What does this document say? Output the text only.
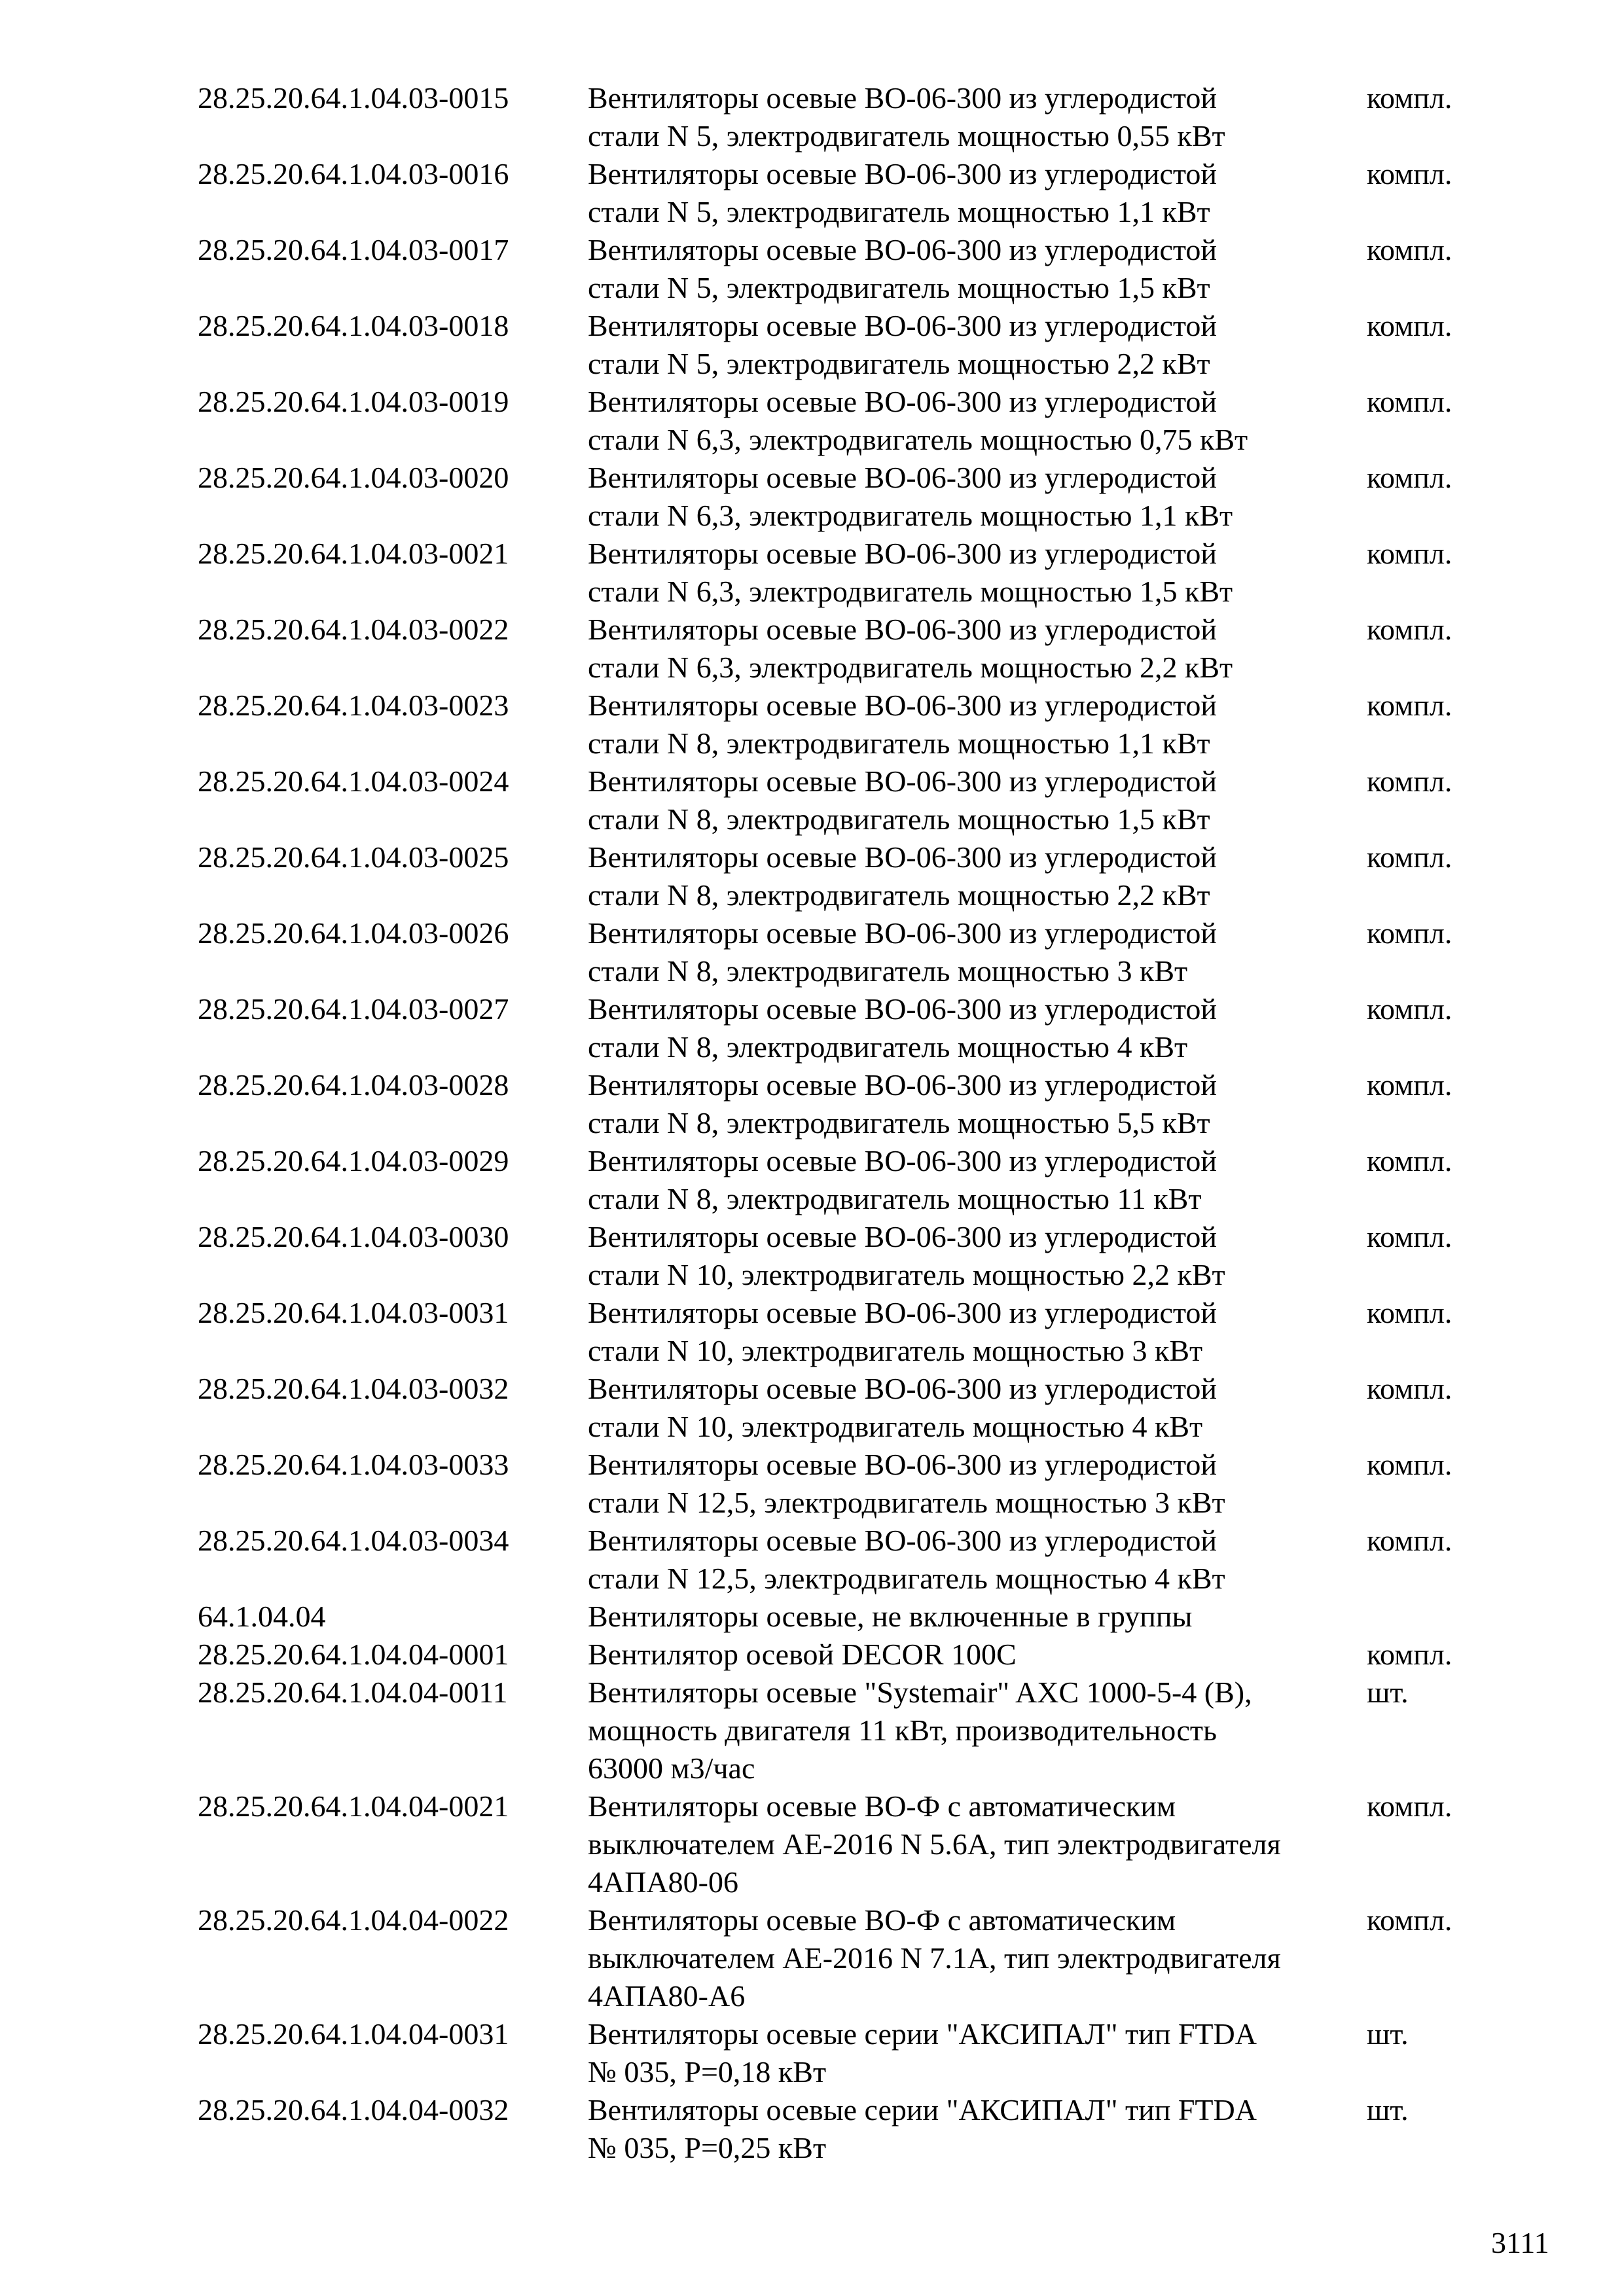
28.25.20.64.1.04.03-0015	Вентиляторы осевые ВО-06-300 из углеродистой
стали N 5, электродвигатель мощностью 0,55 кВт
компл.
28.25.20.64.1.04.03-0016	Вентиляторы осевые ВО-06-300 из углеродистой
стали N 5, электродвигатель мощностью 1,1 кВт
компл.
28.25.20.64.1.04.03-0017	Вентиляторы осевые ВО-06-300 из углеродистой
стали N 5, электродвигатель мощностью 1,5 кВт
компл.
28.25.20.64.1.04.03-0018	Вентиляторы осевые ВО-06-300 из углеродистой
стали N 5, электродвигатель мощностью 2,2 кВт
компл.
28.25.20.64.1.04.03-0019	Вентиляторы осевые ВО-06-300 из углеродистой
стали N 6,3, электродвигатель мощностью 0,75 кВт
компл.
28.25.20.64.1.04.03-0020	Вентиляторы осевые ВО-06-300 из углеродистой
стали N 6,3, электродвигатель мощностью 1,1 кВт
компл.
28.25.20.64.1.04.03-0021	Вентиляторы осевые ВО-06-300 из углеродистой
стали N 6,3, электродвигатель мощностью 1,5 кВт
компл.
28.25.20.64.1.04.03-0022	Вентиляторы осевые ВО-06-300 из углеродистой
стали N 6,3, электродвигатель мощностью 2,2 кВт
компл.
28.25.20.64.1.04.03-0023	Вентиляторы осевые ВО-06-300 из углеродистой
стали N 8, электродвигатель мощностью 1,1 кВт
компл.
28.25.20.64.1.04.03-0024	Вентиляторы осевые ВО-06-300 из углеродистой
стали N 8, электродвигатель мощностью 1,5 кВт
компл.
28.25.20.64.1.04.03-0025	Вентиляторы осевые ВО-06-300 из углеродистой
стали N 8, электродвигатель мощностью 2,2 кВт
компл.
28.25.20.64.1.04.03-0026	Вентиляторы осевые ВО-06-300 из углеродистой
стали N 8, электродвигатель мощностью 3 кВт
компл.
28.25.20.64.1.04.03-0027	Вентиляторы осевые ВО-06-300 из углеродистой
стали N 8, электродвигатель мощностью 4 кВт
компл.
28.25.20.64.1.04.03-0028	Вентиляторы осевые ВО-06-300 из углеродистой
стали N 8, электродвигатель мощностью 5,5 кВт
компл.
28.25.20.64.1.04.03-0029	Вентиляторы осевые ВО-06-300 из углеродистой
стали N 8, электродвигатель мощностью 11 кВт
компл.
28.25.20.64.1.04.03-0030	Вентиляторы осевые ВО-06-300 из углеродистой
стали N 10, электродвигатель мощностью 2,2 кВт
компл.
28.25.20.64.1.04.03-0031	Вентиляторы осевые ВО-06-300 из углеродистой
стали N 10, электродвигатель мощностью 3 кВт
компл.
28.25.20.64.1.04.03-0032	Вентиляторы осевые ВО-06-300 из углеродистой
стали N 10, электродвигатель мощностью 4 кВт
компл.
28.25.20.64.1.04.03-0033	Вентиляторы осевые ВО-06-300 из углеродистой
стали N 12,5, электродвигатель мощностью 3 кВт
компл.
28.25.20.64.1.04.03-0034	Вентиляторы осевые ВО-06-300 из углеродистой
стали N 12,5, электродвигатель мощностью 4 кВт
компл.
64.1.04.04	Вентиляторы осевые, не включенные в группы
28.25.20.64.1.04.04-0001	Вентилятор осевой DECOR 100C	компл.
28.25.20.64.1.04.04-0011	Вентиляторы осевые "Systemair" AXC 1000-5-4 (B),
мощность двигателя 11 кВт, производительность
63000 м3/час
шт.
28.25.20.64.1.04.04-0021	Вентиляторы осевые ВО-Ф с автоматическим
выключателем АЕ-2016 N 5.6А, тип электродвигателя
4АПА80-06
компл.
28.25.20.64.1.04.04-0022	Вентиляторы осевые ВО-Ф с автоматическим
выключателем АЕ-2016 N 7.1А, тип электродвигателя
4АПА80-А6
компл.
28.25.20.64.1.04.04-0031	Вентиляторы осевые серии "АКСИПАЛ" тип FTDA
№ 035, Р=0,18 кВт
шт.
28.25.20.64.1.04.04-0032	Вентиляторы осевые серии "АКСИПАЛ" тип FTDA
№ 035, Р=0,25 кВт
шт.
3111
